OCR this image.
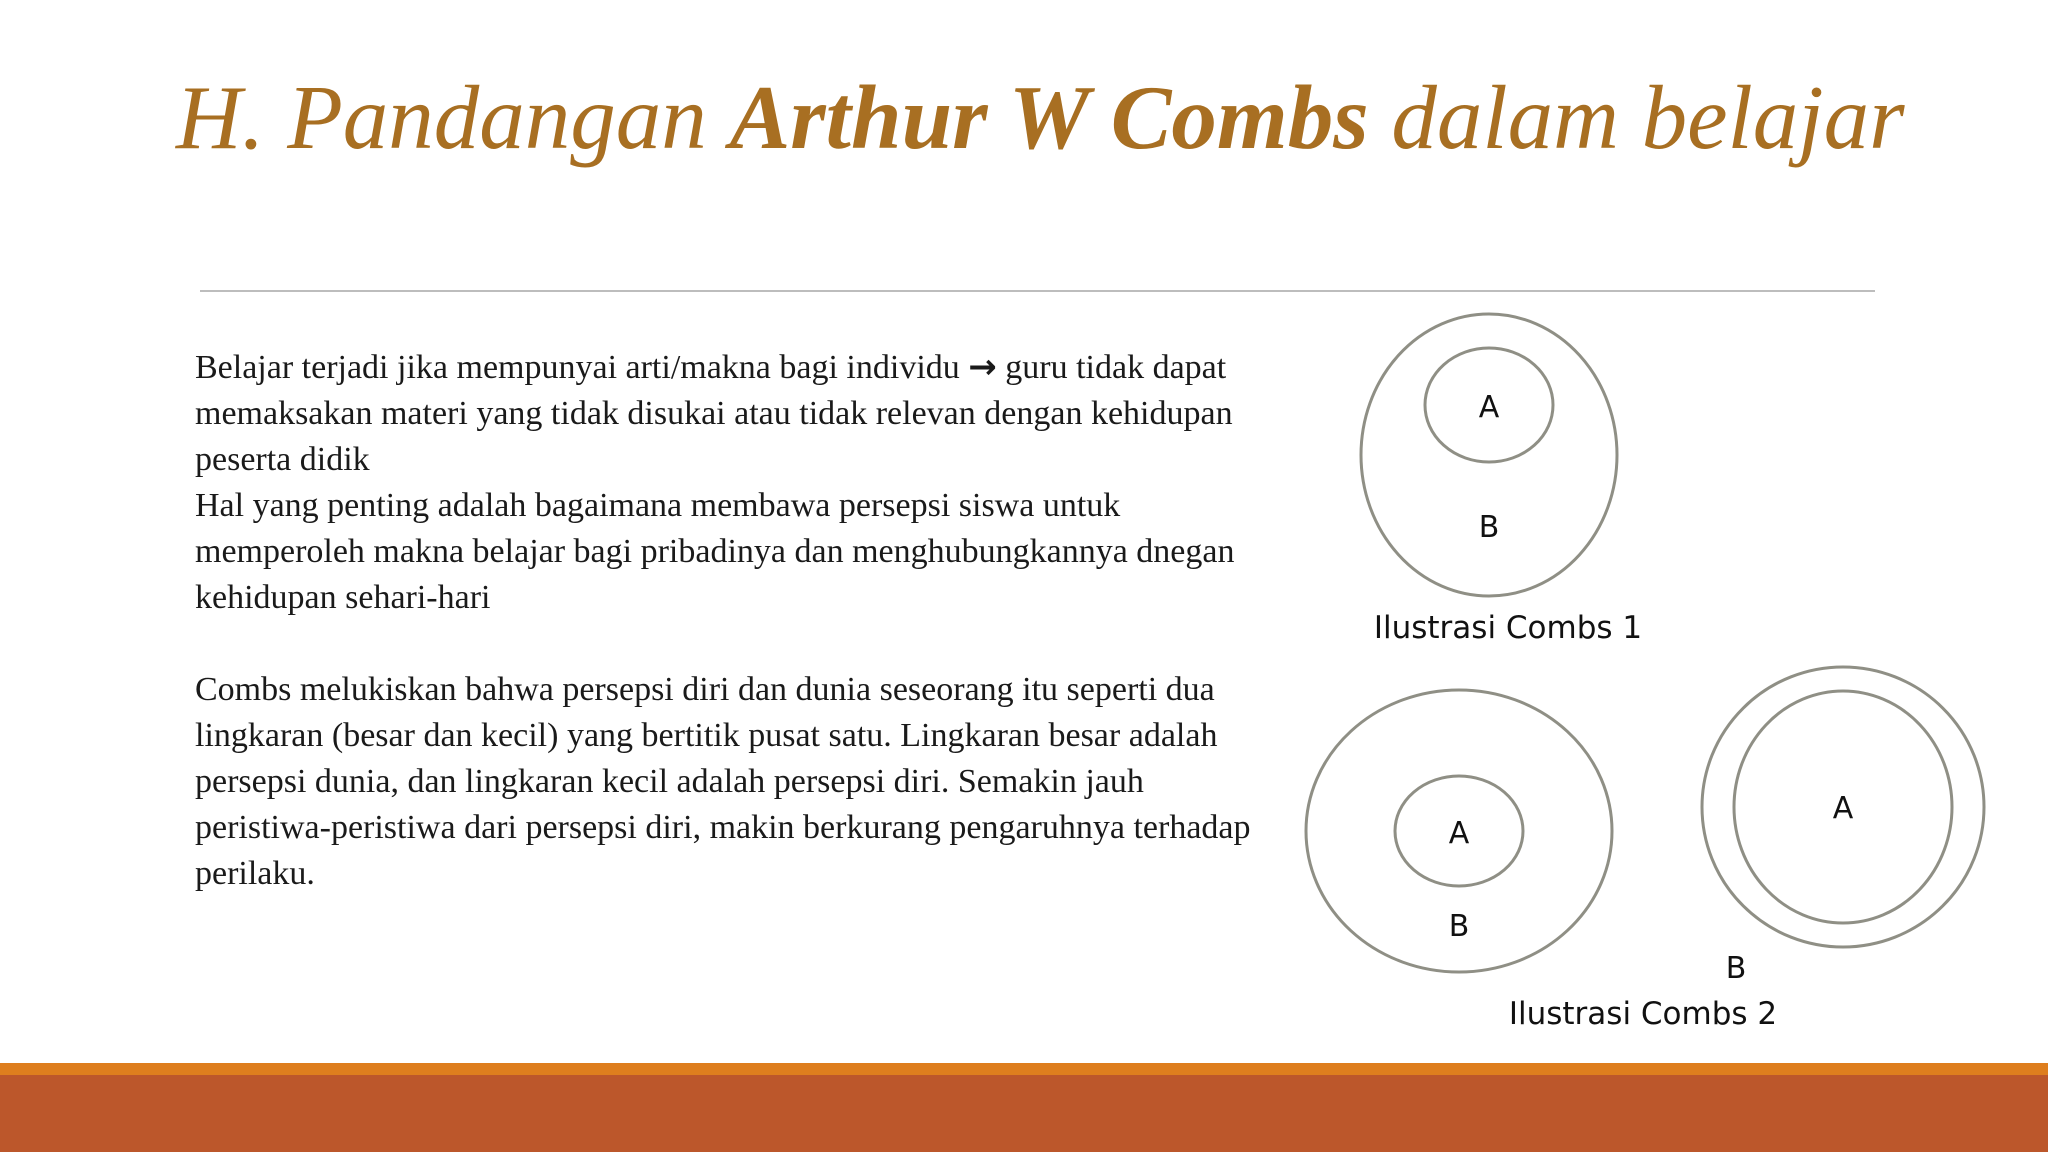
H. Pandangan Arthur W Combs dalam belajar

Belajar terjadi jika mempunyai arti/makna bagi individu → guru tidak dapat memaksakan materi yang tidak disukai atau tidak relevan dengan kehidupan peserta didik

Hal yang penting adalah bagaimana membawa persepsi siswa untuk memperoleh makna belajar bagi pribadinya dan menghubungkannya dnegan kehidupan sehari-hari

Combs melukiskan bahwa persepsi diri dan dunia seseorang itu seperti dua lingkaran (besar dan kecil) yang bertitik pusat satu. Lingkaran besar adalah persepsi dunia, dan lingkaran kecil adalah persepsi diri. Semakin jauh peristiwa-peristiwa dari persepsi diri, makin berkurang pengaruhnya terhadap perilaku.

A
B
Ilustrasi Combs 1
A
B
A
B
Ilustrasi Combs 2
